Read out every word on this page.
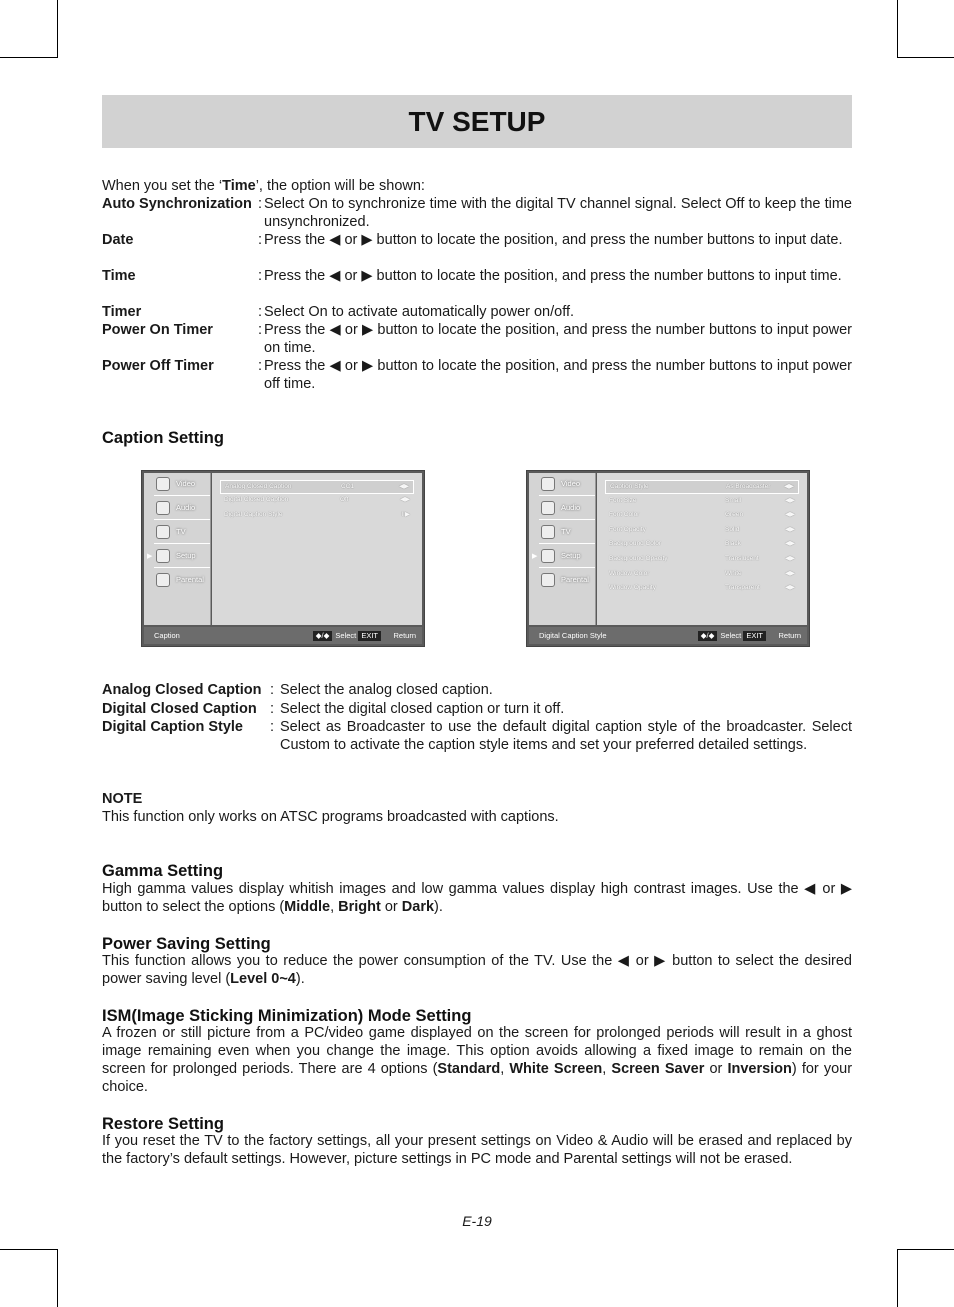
TV SETUP
When you set the ‘Time’, the option will be shown:
Auto Synchronization : Select On to synchronize time with the digital TV channel signal. Select Off to keep the time unsynchronized.
Date	: Press the ◀ or ▶ button to locate the position, and press the number buttons to input date.
Time	: Press the ◀ or ▶ button to locate the position, and press the number buttons to input time.
Timer	: Select On to activate automatically power on/off.
Power On Timer	: Press the ◀ or ▶ button to locate the position, and press the number buttons to input power on time.
Power Off Timer	: Press the ◀ or ▶ button to locate the position, and press the number buttons to input power off time.
Caption Setting
Video
Audio
TV
▶	Setup
Parental
Analog Closed Caption	CC1	◀▶
Digital Closed Caption	Off	◀▶
Digital Caption Style	II▶
Caption	◆/◆ Select EXIT	Return
Video
Audio
TV
▶	Setup
Parental
Caption Style	As Broadcaster ◀▶
Font Size	Small	◀▶
Font Color	Green	◀▶
Font Opacity	Solid	◀▶
Background Color	Black	◀▶
Background Opacity	Translucent	◀▶
Window Color	White	◀▶
Window Opacity	Transparent	◀▶
Digital Caption Style	◆/◆ Select EXIT	Return
Analog Closed Caption : Select the analog closed caption.
Digital Closed Caption : Select the digital closed caption or turn it off.
Digital Caption Style : Select as Broadcaster to use the default digital caption style of the broadcaster. Select Custom to activate the caption style items and set your preferred detailed settings.
NOTE
This function only works on ATSC programs broadcasted with captions.
Gamma Setting
High gamma values display whitish images and low gamma values display high contrast images. Use the ◀ or ▶ button to select the options (Middle, Bright or Dark).
Power Saving Setting
This function allows you to reduce the power consumption of the TV. Use the ◀ or ▶ button to select the desired power saving level (Level 0~4).
ISM(Image Sticking Minimization) Mode Setting
A frozen or still picture from a PC/video game displayed on the screen for prolonged periods will result in a ghost image remaining even when you change the image. This option avoids allowing a fixed image to remain on the screen for prolonged periods. There are 4 options (Standard, White Screen, Screen Saver or Inversion) for your choice.
Restore Setting
If you reset the TV to the factory settings, all your present settings on Video & Audio will be erased and replaced by the factory’s default settings. However, picture settings in PC mode and Parental settings will not be erased.
E-19
